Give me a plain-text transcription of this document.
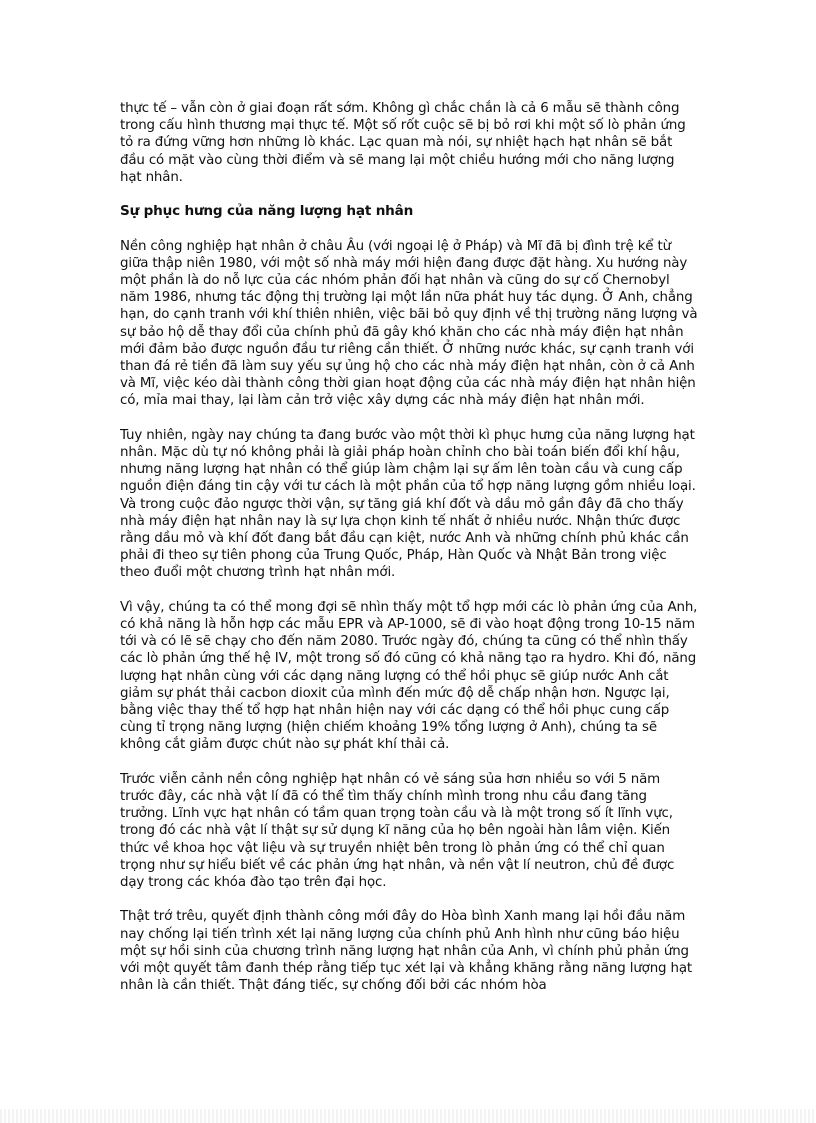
thực tế – vẫn còn ở giai đoạn rất sớm. Không gì chắc chắn là cả 6 mẫu sẽ thành công trong cấu hình thương mại thực tế. Một số rốt cuộc sẽ bị bỏ rơi khi một số lò phản ứng tỏ ra đứng vững hơn những lò khác. Lạc quan mà nói, sự nhiệt hạch hạt nhân sẽ bắt đầu có mặt vào cùng thời điểm và sẽ mang lại một chiều hướng mới cho năng lượng hạt nhân.

Sự phục hưng của năng lượng hạt nhân

Nền công nghiệp hạt nhân ở châu Âu (với ngoại lệ ở Pháp) và Mĩ đã bị đình trệ kể từ giữa thập niên 1980, với một số nhà máy mới hiện đang được đặt hàng. Xu hướng này một phần là do nỗ lực của các nhóm phản đối hạt nhân và cũng do sự cố Chernobyl năm 1986, nhưng tác động thị trường lại một lần nữa phát huy tác dụng. Ở Anh, chẳng hạn, do cạnh tranh với khí thiên nhiên, việc bãi bỏ quy định về thị trường năng lượng và sự bảo hộ dễ thay đổi của chính phủ đã gây khó khăn cho các nhà máy điện hạt nhân mới đảm bảo được nguồn đầu tư riêng cần thiết. Ở những nước khác, sự cạnh tranh với than đá rẻ tiền đã làm suy yếu sự ủng hộ cho các nhà máy điện hạt nhân, còn ở cả Anh và Mĩ, việc kéo dài thành công thời gian hoạt động của các nhà máy điện hạt nhân hiện có, mỉa mai thay, lại làm cản trở việc xây dựng các nhà máy điện hạt nhân mới.

Tuy nhiên, ngày nay chúng ta đang bước vào một thời kì phục hưng của năng lượng hạt nhân. Mặc dù tự nó không phải là giải pháp hoàn chỉnh cho bài toán biến đổi khí hậu, nhưng năng lượng hạt nhân có thể giúp làm chậm lại sự ấm lên toàn cầu và cung cấp nguồn điện đáng tin cậy với tư cách là một phần của tổ hợp năng lượng gồm nhiều loại. Và trong cuộc đảo ngược thời vận, sự tăng giá khí đốt và dầu mỏ gần đây đã cho thấy nhà máy điện hạt nhân nay là sự lựa chọn kinh tế nhất ở nhiều nước. Nhận thức được rằng dầu mỏ và khí đốt đang bắt đầu cạn kiệt, nước Anh và những chính phủ khác cần phải đi theo sự tiên phong của Trung Quốc, Pháp, Hàn Quốc và Nhật Bản trong việc theo đuổi một chương trình hạt nhân mới.

Vì vậy, chúng ta có thể mong đợi sẽ nhìn thấy một tổ hợp mới các lò phản ứng của Anh, có khả năng là hỗn hợp các mẫu EPR và AP-1000, sẽ đi vào hoạt động trong 10-15 năm tới và có lẽ sẽ chạy cho đến năm 2080. Trước ngày đó, chúng ta cũng có thể nhìn thấy các lò phản ứng thế hệ IV, một trong số đó cũng có khả năng tạo ra hydro. Khi đó, năng lượng hạt nhân cùng với các dạng năng lượng có thể hồi phục sẽ giúp nước Anh cắt giảm sự phát thải cacbon dioxit của mình đến mức độ dễ chấp nhận hơn. Ngược lại, bằng việc thay thế tổ hợp hạt nhân hiện nay với các dạng có thể hồi phục cung cấp cùng tỉ trọng năng lượng (hiện chiếm khoảng 19% tổng lượng ở Anh), chúng ta sẽ không cắt giảm được chút nào sự phát khí thải cả.

Trước viễn cảnh nền công nghiệp hạt nhân có vẻ sáng sủa hơn nhiều so với 5 năm trước đây, các nhà vật lí đã có thể tìm thấy chính mình trong nhu cầu đang tăng trưởng. Lĩnh vực hạt nhân có tầm quan trọng toàn cầu và là một trong số ít lĩnh vực, trong đó các nhà vật lí thật sự sử dụng kĩ năng của họ bên ngoài hàn lâm viện. Kiến thức về khoa học vật liệu và sự truyền nhiệt bên trong lò phản ứng có thể chỉ quan trọng như sự hiểu biết về các phản ứng hạt nhân, và nền vật lí neutron, chủ đề được dạy trong các khóa đào tạo trên đại học.

Thật trớ trêu, quyết định thành công mới đây do Hòa bình Xanh mang lại hồi đầu năm nay chống lại tiến trình xét lại năng lượng của chính phủ Anh hình như cũng báo hiệu một sự hồi sinh của chương trình năng lượng hạt nhân của Anh, vì chính phủ phản ứng với một quyết tâm đanh thép rằng tiếp tục xét lại và khẳng khăng rằng năng lượng hạt nhân là cần thiết. Thật đáng tiếc, sự chống đối bởi các nhóm hòa
